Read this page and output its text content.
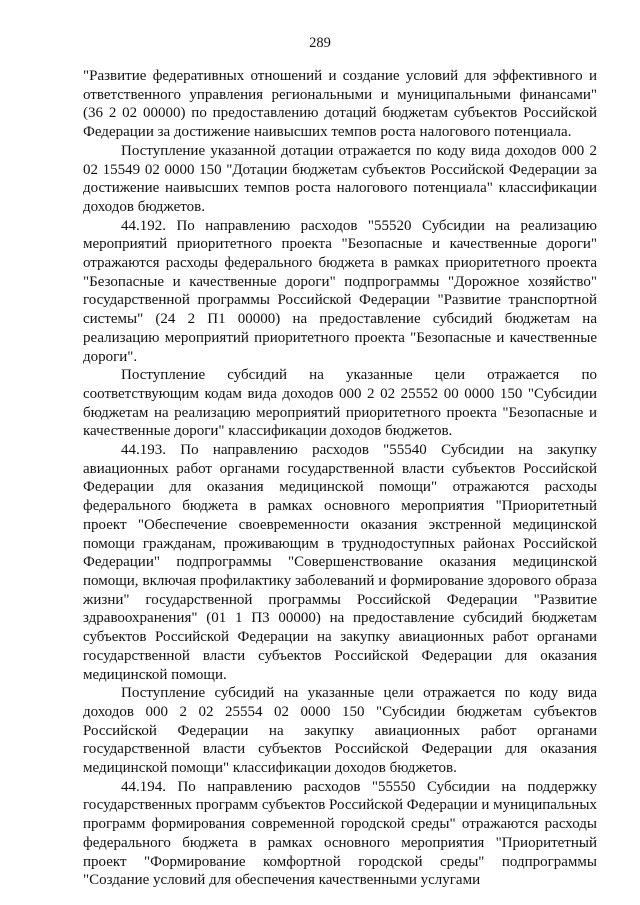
289

"Развитие федеративных отношений и создание условий для эффективного и ответственного управления региональными и муниципальными финансами" (36 2 02 00000) по предоставлению дотаций бюджетам субъектов Российской Федерации за достижение наивысших темпов роста налогового потенциала.

Поступление указанной дотации отражается по коду вида доходов 000 2 02 15549 02 0000 150 "Дотации бюджетам субъектов Российской Федерации за достижение наивысших темпов роста налогового потенциала" классификации доходов бюджетов.

44.192. По направлению расходов "55520 Субсидии на реализацию мероприятий приоритетного проекта "Безопасные и качественные дороги" отражаются расходы федерального бюджета в рамках приоритетного проекта "Безопасные и качественные дороги" подпрограммы "Дорожное хозяйство" государственной программы Российской Федерации "Развитие транспортной системы" (24 2 П1 00000) на предоставление субсидий бюджетам на реализацию мероприятий приоритетного проекта "Безопасные и качественные дороги".

Поступление субсидий на указанные цели отражается по соответствующим кодам вида доходов 000 2 02 25552 00 0000 150 "Субсидии бюджетам на реализацию мероприятий приоритетного проекта "Безопасные и качественные дороги" классификации доходов бюджетов.

44.193. По направлению расходов "55540 Субсидии на закупку авиационных работ органами государственной власти субъектов Российской Федерации для оказания медицинской помощи" отражаются расходы федерального бюджета в рамках основного мероприятия "Приоритетный проект "Обеспечение своевременности оказания экстренной медицинской помощи гражданам, проживающим в труднодоступных районах Российской Федерации" подпрограммы "Совершенствование оказания медицинской помощи, включая профилактику заболеваний и формирование здорового образа жизни" государственной программы Российской Федерации "Развитие здравоохранения" (01 1 П3 00000) на предоставление субсидий бюджетам субъектов Российской Федерации на закупку авиационных работ органами государственной власти субъектов Российской Федерации для оказания медицинской помощи.

Поступление субсидий на указанные цели отражается по коду вида доходов 000 2 02 25554 02 0000 150 "Субсидии бюджетам субъектов Российской Федерации на закупку авиационных работ органами государственной власти субъектов Российской Федерации для оказания медицинской помощи" классификации доходов бюджетов.

44.194. По направлению расходов "55550 Субсидии на поддержку государственных программ субъектов Российской Федерации и муниципальных программ формирования современной городской среды" отражаются расходы федерального бюджета в рамках основного мероприятия "Приоритетный проект "Формирование комфортной городской среды" подпрограммы "Создание условий для обеспечения качественными услугами
